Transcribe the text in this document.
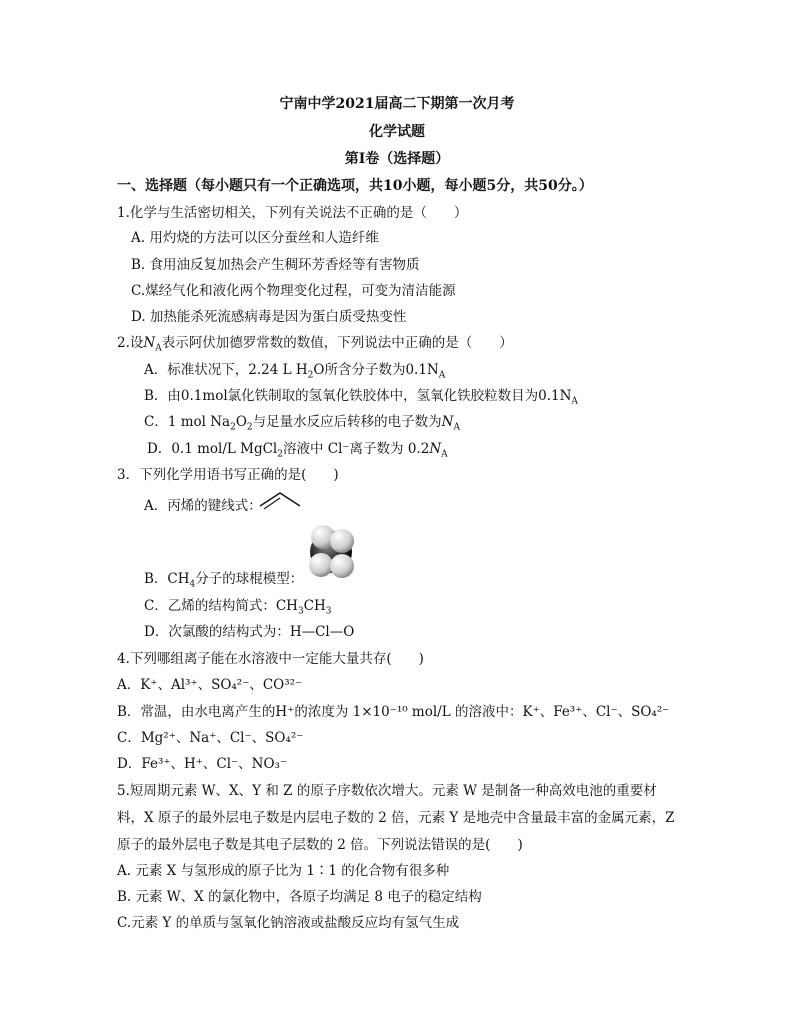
宁南中学2021届高二下期第一次月考
化学试题
第Ⅰ卷（选择题）
一、选择题（每小题只有一个正确选项，共10小题，每小题5分，共50分。）
1.化学与生活密切相关，下列有关说法不正确的是（　　）
A. 用灼烧的方法可以区分蚕丝和人造纤维
B. 食用油反复加热会产生稠环芳香烃等有害物质
C.煤经气化和液化两个物理变化过程，可变为清洁能源
D. 加热能杀死流感病毒是因为蛋白质受热变性
2.设$N_A$表示阿伏加德罗常数的数值，下列说法中正确的是（　　）
A．标准状况下，2.24 L $H_2O$所含分子数为$0.1N_A$
B．由0.1mol氯化铁制取的氢氧化铁胶体中，氢氧化铁胶粒数目为$0.1N_A$
C．1 mol $Na_2O_2$与足量水反应后转移的电子数为$N_A$
D．0.1 mol/L MgCl$_2$溶液中 Cl⁻离子数为 $0.2N_A$
3．下列化学用语书写正确的是(　　)
A．丙烯的键线式：
B．$CH_4$分子的球棍模型：
C．乙烯的结构简式：$CH_3CH_3$
D．次氯酸的结构式为：H—Cl—O
4.下列哪组离子能在水溶液中一定能大量共存(　　)
A．K⁺、Al³⁺、SO₄²⁻、CO³²⁻
B．常温，由水电离产生的H⁺的浓度为 1×10⁻¹⁰ mol/L 的溶液中：K⁺、Fe³⁺、Cl⁻、SO₄²⁻
C．Mg²⁺、Na⁺、Cl⁻、SO₄²⁻
D．Fe³⁺、H⁺、Cl⁻、NO₃⁻
5.短周期元素 W、X、Y 和 Z 的原子序数依次增大。元素 W 是制备一种高效电池的重要材
料，X 原子的最外层电子数是内层电子数的 2 倍，元素 Y 是地壳中含量最丰富的金属元素，Z
原子的最外层电子数是其电子层数的 2 倍。下列说法错误的是(　　)
A. 元素 X 与氢形成的原子比为 1∶1 的化合物有很多种
B. 元素 W、X 的氯化物中，各原子均满足 8 电子的稳定结构
C.元素 Y 的单质与氢氧化钠溶液或盐酸反应均有氢气生成
